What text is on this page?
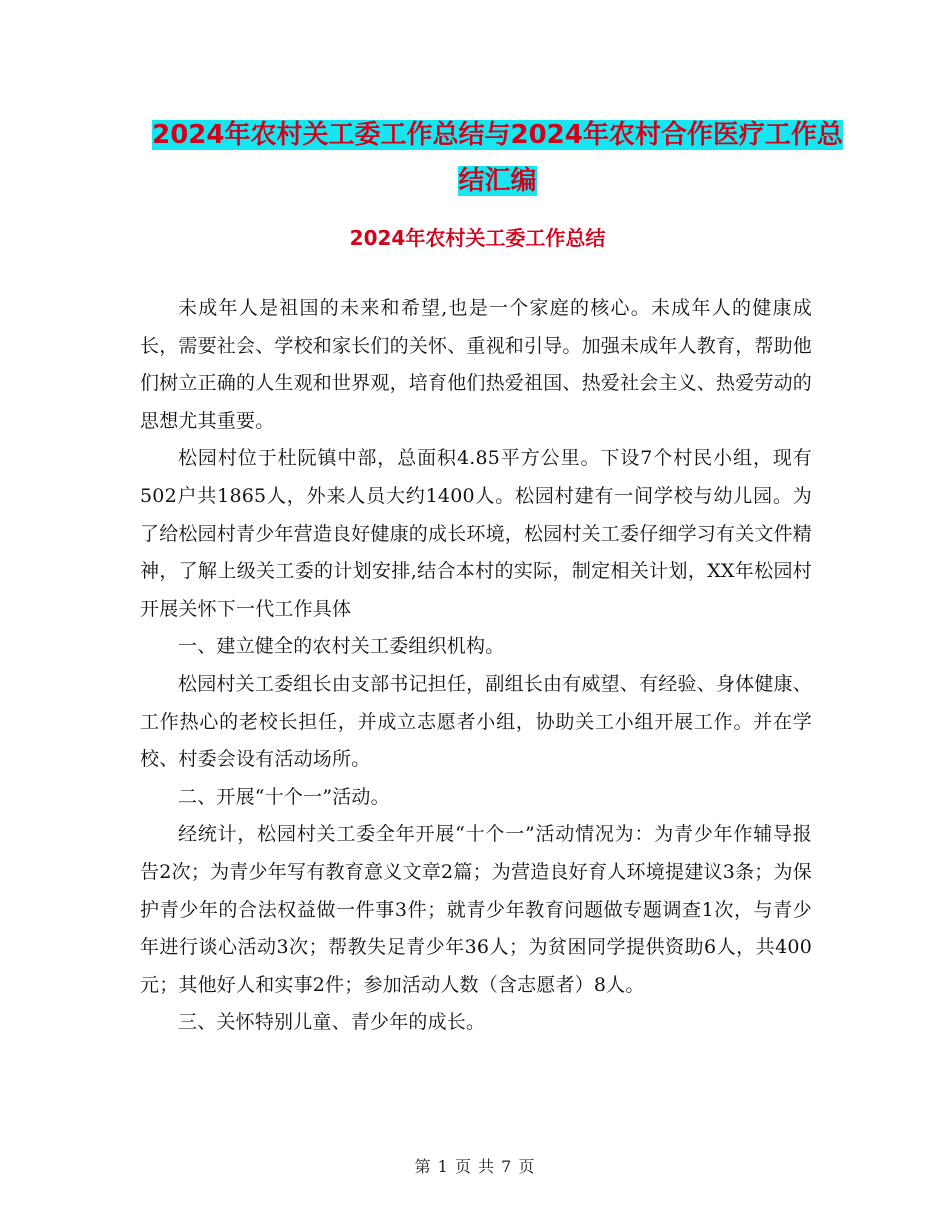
2024年农村关工委工作总结与2024年农村合作医疗工作总结汇编
2024年农村关工委工作总结

未成年人是祖国的未来和希望,也是一个家庭的核心。未成年人的健康成长，需要社会、学校和家长们的关怀、重视和引导。加强未成年人教育，帮助他们树立正确的人生观和世界观，培育他们热爱祖国、热爱社会主义、热爱劳动的思想尤其重要。

松园村位于杜阮镇中部，总面积4.85平方公里。下设7个村民小组，现有502户共1865人，外来人员大约1400人。松园村建有一间学校与幼儿园。为了给松园村青少年营造良好健康的成长环境，松园村关工委仔细学习有关文件精神，了解上级关工委的计划安排,结合本村的实际，制定相关计划，XX年松园村开展关怀下一代工作具体

一、建立健全的农村关工委组织机构。

松园村关工委组长由支部书记担任，副组长由有威望、有经验、身体健康、工作热心的老校长担任，并成立志愿者小组，协助关工小组开展工作。并在学校、村委会设有活动场所。

二、开展“十个一”活动。

经统计，松园村关工委全年开展“十个一”活动情况为：为青少年作辅导报告2次；为青少年写有教育意义文章2篇；为营造良好育人环境提建议3条；为保护青少年的合法权益做一件事3件；就青少年教育问题做专题调查1次，与青少年进行谈心活动3次；帮教失足青少年36人；为贫困同学提供资助6人，共400元；其他好人和实事2件；参加活动人数（含志愿者）8人。

三、关怀特别儿童、青少年的成长。

第 1 页 共 7 页
